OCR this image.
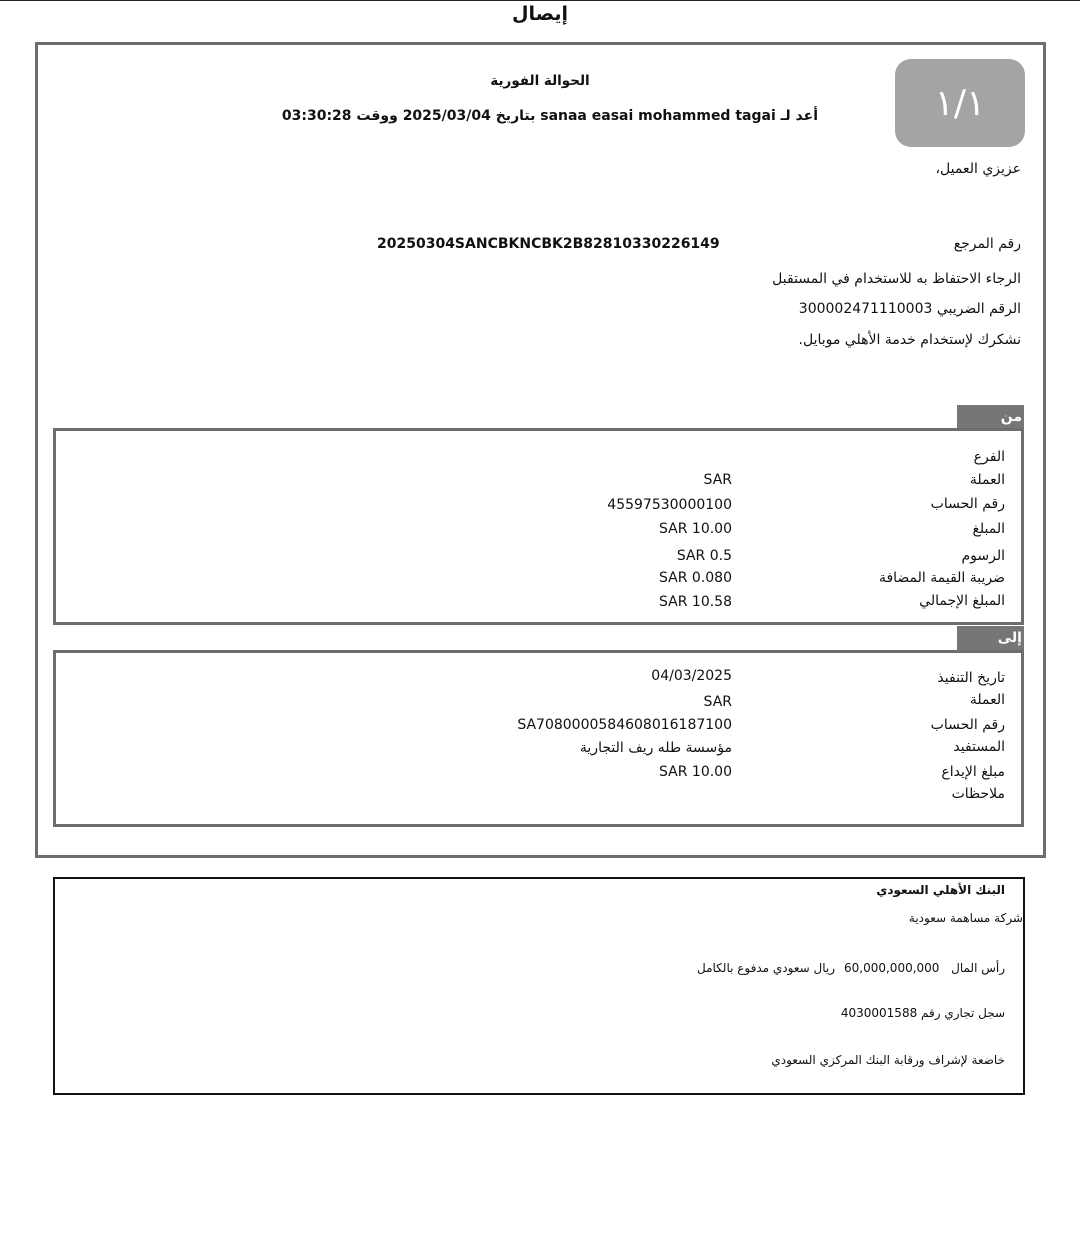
إيصال
١/١
الحوالة الفورية
أعد لـ sanaa easai mohammed tagai بتاريخ 2025/03/04 ووقت 03:30:28
عزيزي العميل،
رقم المرجع
20250304SANCBKNCBK2B82810330226149
الرجاء الاحتفاظ به للاستخدام في المستقبل
الرقم الضريبي 300002471110003
نشكرك لإستخدام خدمة الأهلي موبايل.
من
الفرع
العملة
SAR
رقم الحساب
45597530000100
المبلغ
10.00 SAR
الرسوم
0.5 SAR
ضريبة القيمة المضافة
0.080 SAR
المبلغ الإجمالي
10.58 SAR
إلى
تاريخ التنفيذ
04/03/2025
العملة
SAR
رقم الحساب
SA7080000584608016187100
المستفيد
مؤسسة طله ريف التجارية
مبلغ الإيداع
10.00 SAR
ملاحظات
البنك الأهلي السعودي
شركة مساهمة سعودية
رأس المال
60,000,000,000
ريال سعودي مدفوع بالكامل
سجل تجاري رقم 4030001588
خاضعة لإشراف ورقابة البنك المركزي السعودي
